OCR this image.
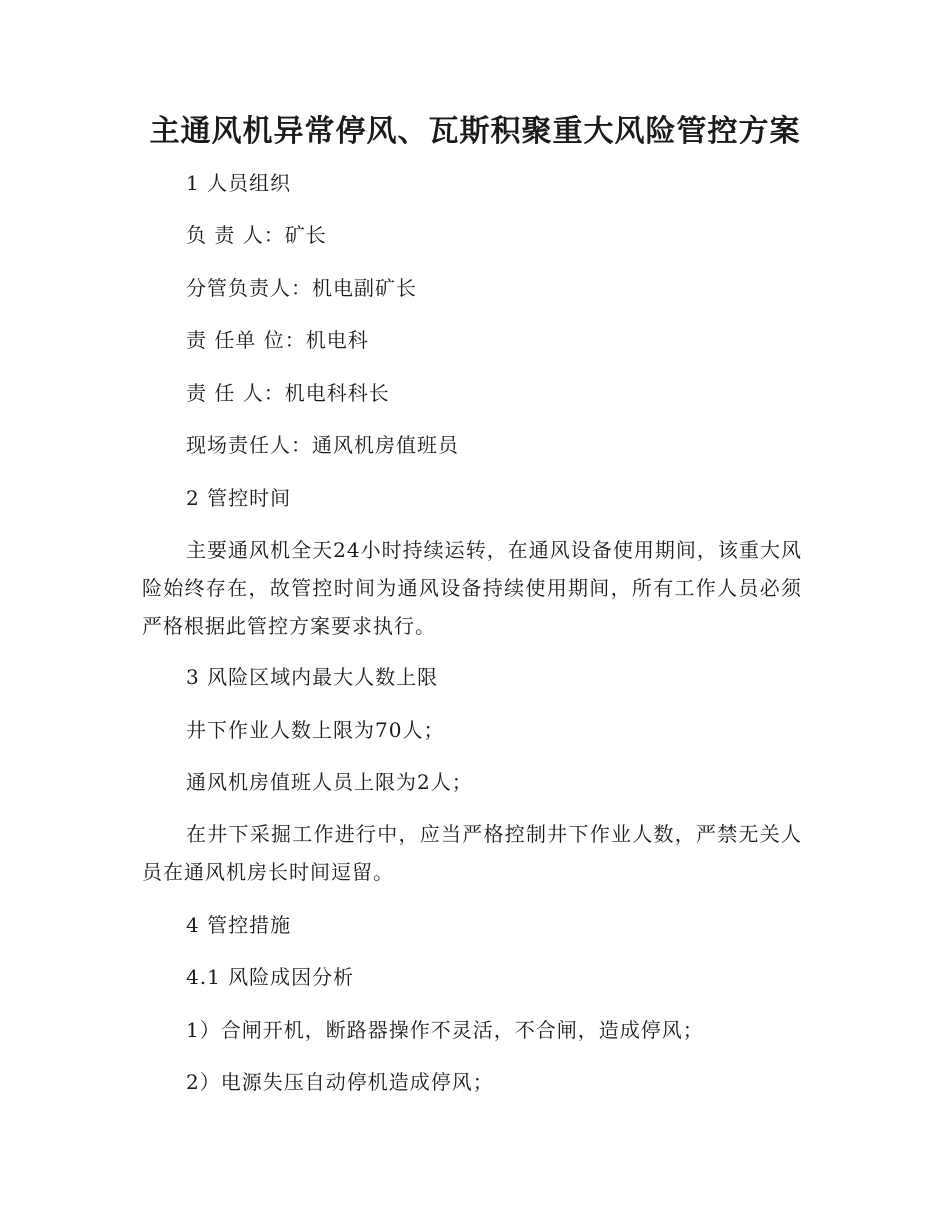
主通风机异常停风、瓦斯积聚重大风险管控方案
1 人员组织
负 责 人：矿长
分管负责人：机电副矿长
责 任单 位：机电科
责 任 人：机电科科长
现场责任人：通风机房值班员
2 管控时间
主要通风机全天24小时持续运转，在通风设备使用期间，该重大风险始终存在，故管控时间为通风设备持续使用期间，所有工作人员必须严格根据此管控方案要求执行。
3 风险区域内最大人数上限
井下作业人数上限为70人；
通风机房值班人员上限为2人；
在井下采掘工作进行中，应当严格控制井下作业人数，严禁无关人员在通风机房长时间逗留。
4 管控措施
4.1 风险成因分析
1）合闸开机，断路器操作不灵活，不合闸，造成停风；
2）电源失压自动停机造成停风；
